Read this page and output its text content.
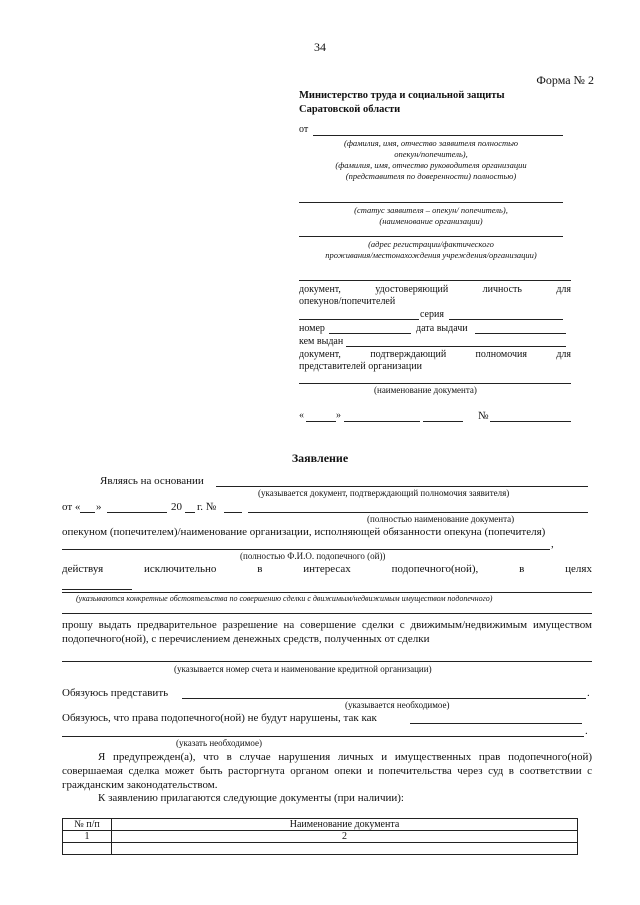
34
Форма № 2
Министерство труда и социальной защиты
Саратовской области
от
(фамилия, имя, отчество заявителя полностью
опекун/попечитель),
(фамилия, имя, отчество руководителя организации
(представителя по доверенности) полностью)
(статус заявителя – опекун/ попечитель),
(наименование организации)
(адрес регистрации/фактического
проживания/местонахождения учреждения/организации)
документ,	удостоверяющий	личность	для
опекунов/попечителей
серия
номер	дата выдачи
кем выдан
документ,	подтверждающий	полномочия	для
представителей организации
(наименование документа)
«	»	№
Заявление
Являясь на основании
(указывается документ, подтверждающий полномочия заявителя)
от « »	20 г. №
(полностью наименование документа)
опекуном (попечителем)/наименование организации, исполняющей обязанности опекуна (попечителя)
,
(полностью Ф.И.О. подопечного (ой))
действуя	исключительно	в	интересах	подопечного(ной),	в	целях
(указываются конкретные обстоятельства по совершению сделки с движимым/недвижимым имуществом подопечного)
прошу выдать предварительное разрешение на совершение сделки с движимым/недвижимым имуществом подопечного(ной), с перечислением денежных средств, полученных от сделки
(указывается номер счета и наименование кредитной организации)
Обязуюсь представить	.
(указывается необходимое)
Обязуюсь, что права подопечного(ной) не будут нарушены, так как
.
(указать необходимое)
Я предупрежден(а), что в случае нарушения личных и имущественных прав подопечного(ной) совершаемая сделка может быть расторгнута органом опеки и попечительства через суд в соответствии с гражданским законодательством.
К заявлению прилагаются следующие документы (при наличии):
№ п/п	Наименование документа
1	2
